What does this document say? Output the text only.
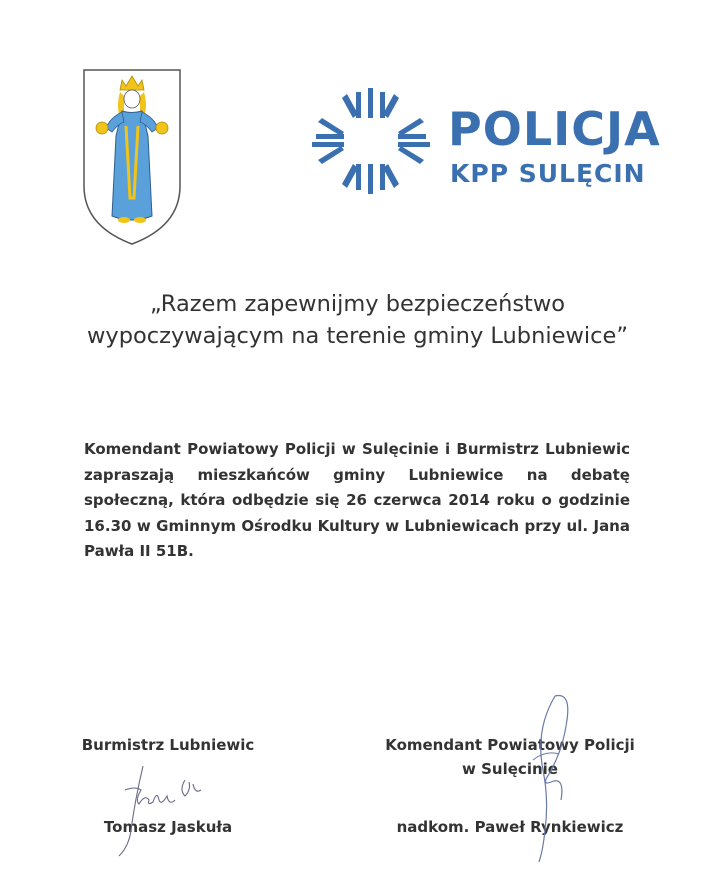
POLICJA

KPP SULĘCIN

„Razem zapewnijmy bezpieczeństwo
wypoczywającym na terenie gminy Lubniewice”

Komendant Powiatowy Policji w Sulęcinie i Burmistrz Lubniewic zapraszają mieszkańców gminy Lubniewice na debatę społeczną, która odbędzie się 26 czerwca 2014 roku o godzinie 16.30 w Gminnym Ośrodku Kultury w Lubniewicach przy ul. Jana Pawła II 51B.

Burmistrz Lubniewic
Tomasz Jaskuła
Komendant Powiatowy Policji
w Sulęcinie
nadkom. Paweł Rynkiewicz
